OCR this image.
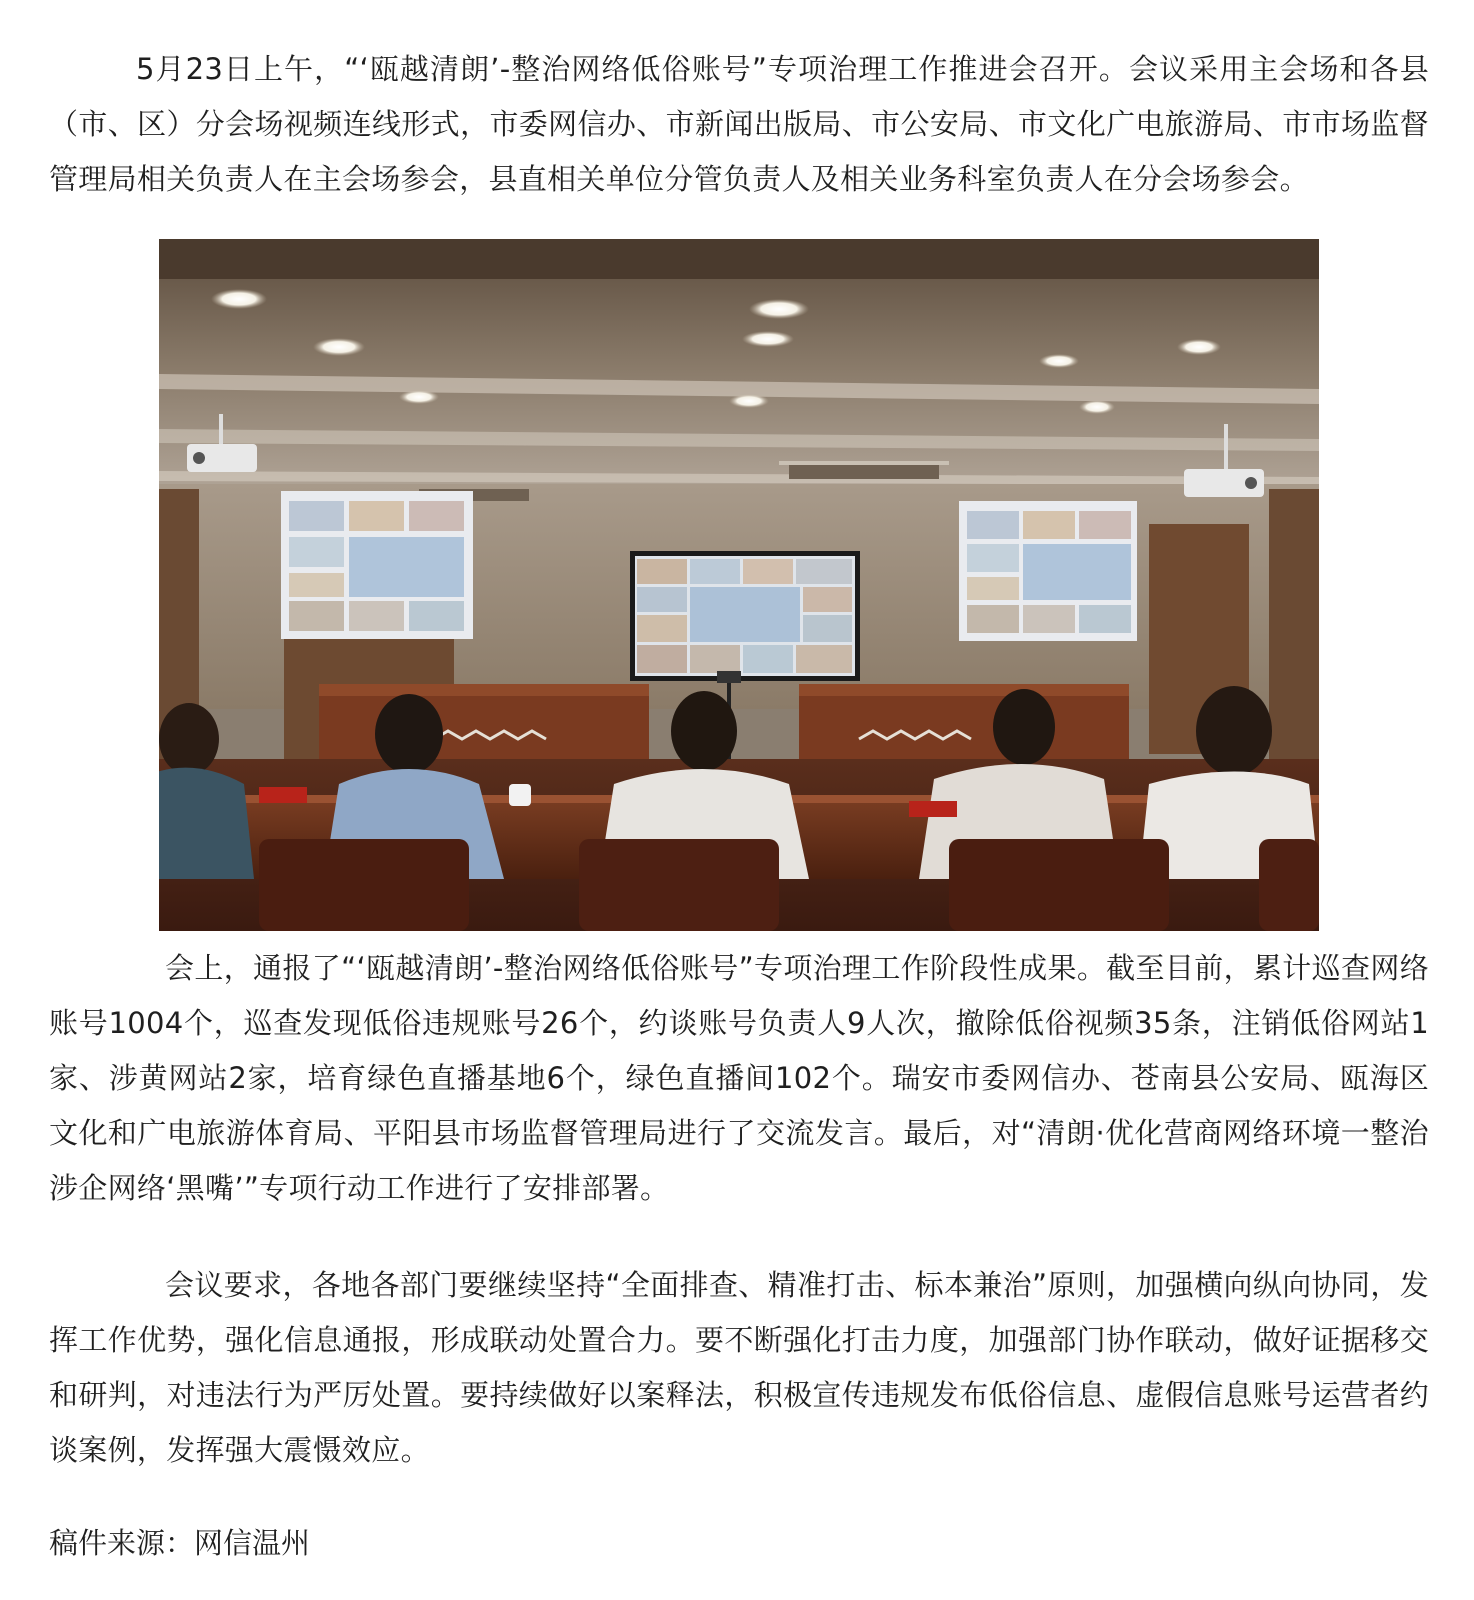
5月23日上午，“‘瓯越清朗’-整治网络低俗账号”专项治理工作推进会召开。会议采用主会场和各县（市、区）分会场视频连线形式，市委网信办、市新闻出版局、市公安局、市文化广电旅游局、市市场监督管理局相关负责人在主会场参会，县直相关单位分管负责人及相关业务科室负责人在分会场参会。

会上，通报了“‘瓯越清朗’-整治网络低俗账号”专项治理工作阶段性成果。截至目前，累计巡查网络账号1004个，巡查发现低俗违规账号26个，约谈账号负责人9人次，撤除低俗视频35条，注销低俗网站1家、涉黄网站2家，培育绿色直播基地6个，绿色直播间102个。瑞安市委网信办、苍南县公安局、瓯海区文化和广电旅游体育局、平阳县市场监督管理局进行了交流发言。最后，对“清朗·优化营商网络环境一整治涉企网络‘黑嘴’”专项行动工作进行了安排部署。

会议要求，各地各部门要继续坚持“全面排查、精准打击、标本兼治”原则，加强横向纵向协同，发挥工作优势，强化信息通报，形成联动处置合力。要不断强化打击力度，加强部门协作联动，做好证据移交和研判，对违法行为严厉处置。要持续做好以案释法，积极宣传违规发布低俗信息、虚假信息账号运营者约谈案例，发挥强大震慑效应。

稿件来源：网信温州
